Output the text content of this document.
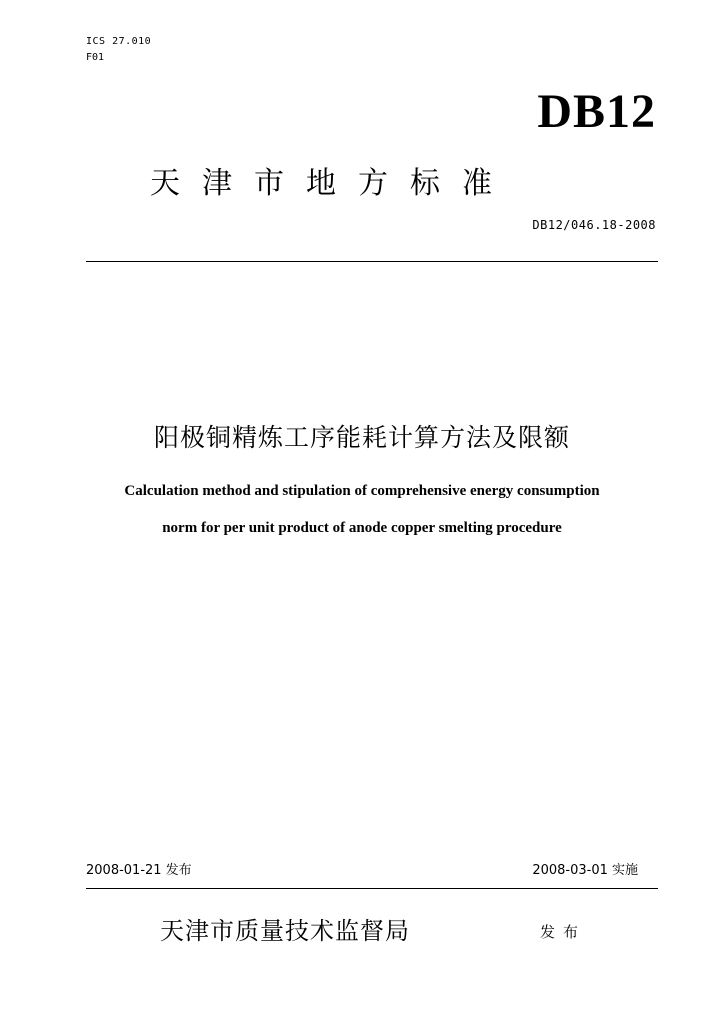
ICS 27.010
F01
DB12
天津市地方标准
DB12/046.18-2008
阳极铜精炼工序能耗计算方法及限额
Calculation method and stipulation of comprehensive energy consumption
norm for per unit product of anode copper smelting procedure
2008-01-21 发布	2008-03-01 实施
天津市质量技术监督局	发布
